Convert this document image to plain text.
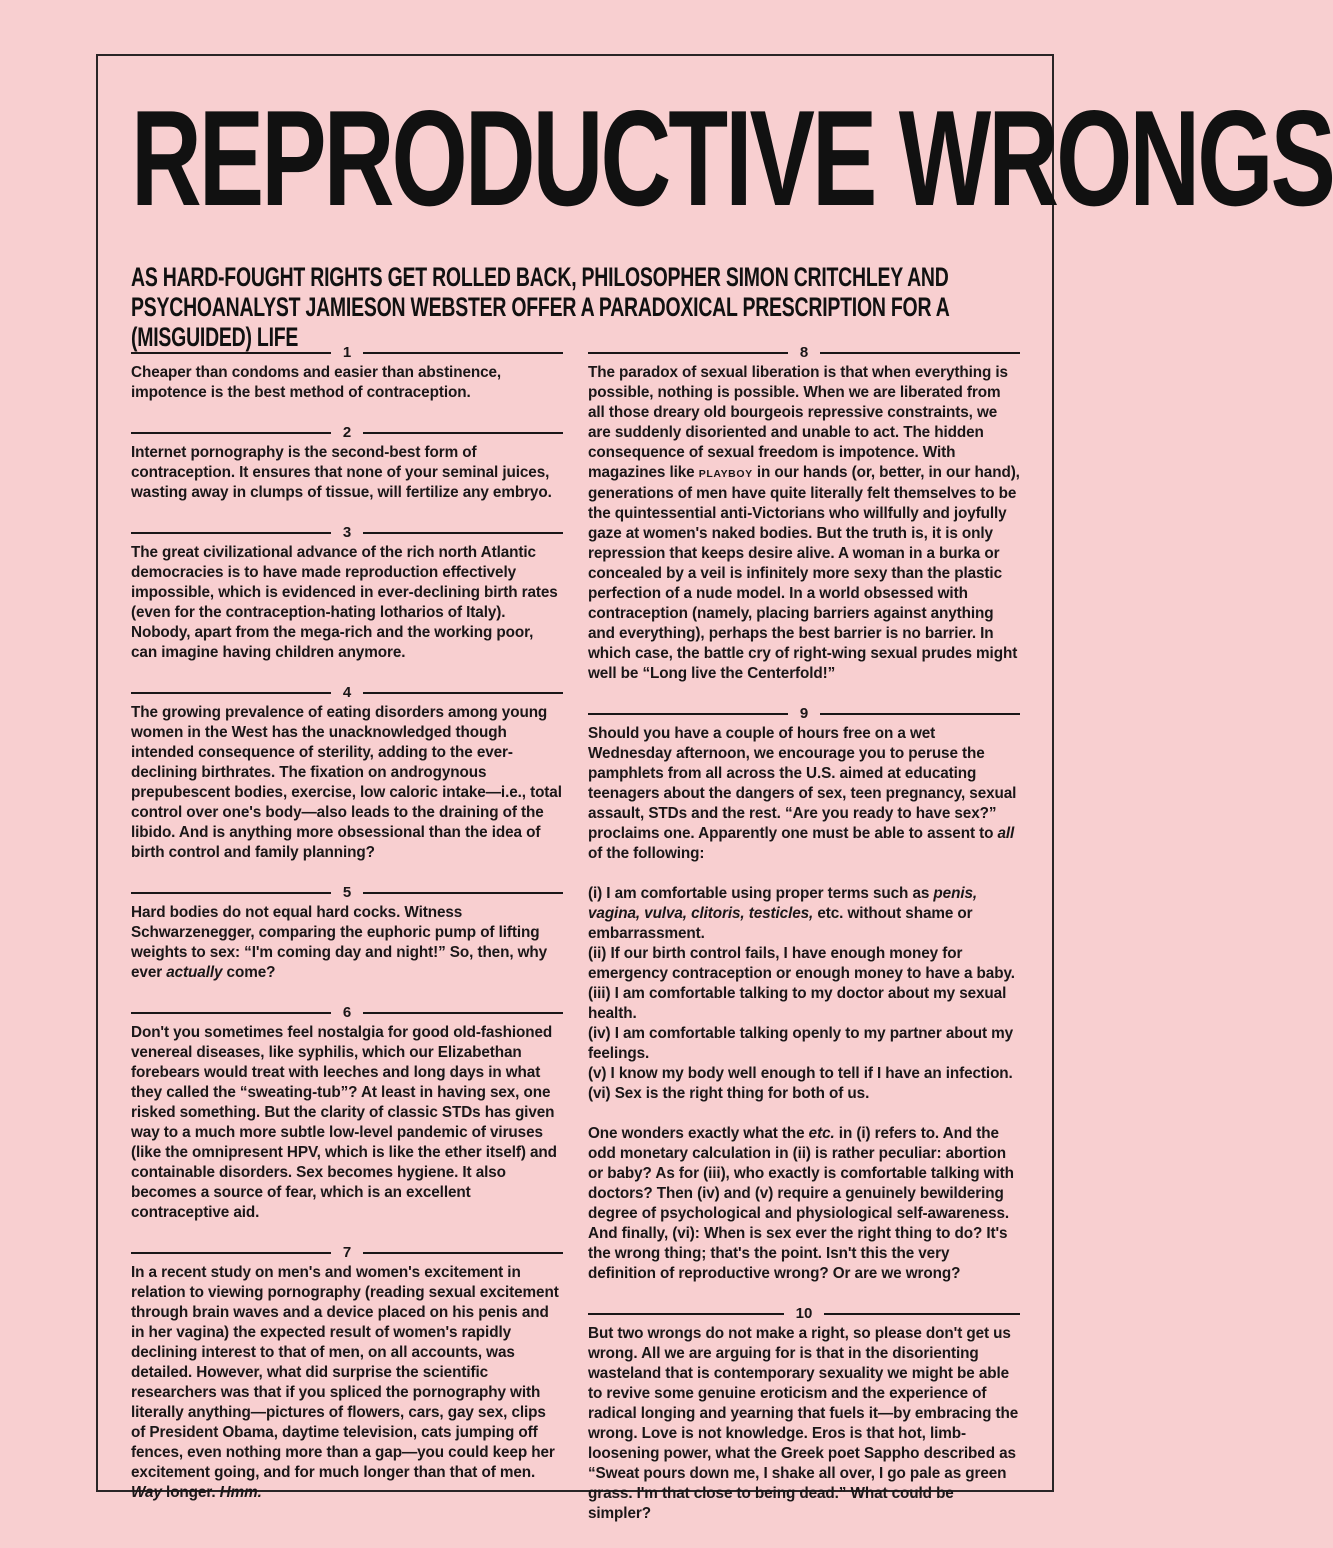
REPRODUCTIVE WRONGS
AS HARD-FOUGHT RIGHTS GET ROLLED BACK, PHILOSOPHER SIMON CRITCHLEY AND PSYCHOANALYST JAMIESON WEBSTER OFFER A PARADOXICAL PRESCRIPTION FOR A (MISGUIDED) LIFE
1

Cheaper than condoms and easier than abstinence, impotence is the best method of contraception.

2

Internet pornography is the second-best form of contraception. It ensures that none of your seminal juices, wasting away in clumps of tissue, will fertilize any embryo.

3

The great civilizational advance of the rich north Atlantic democracies is to have made reproduction effectively impossible, which is evidenced in ever-declining birth rates (even for the contraception-hating lotharios of Italy). Nobody, apart from the mega-rich and the working poor, can imagine having children anymore.

4

The growing prevalence of eating disorders among young women in the West has the unacknowledged though intended consequence of sterility, adding to the ever-declining birthrates. The fixation on androgynous prepubescent bodies, exercise, low caloric intake—i.e., total control over one's body—also leads to the draining of the libido. And is anything more obsessional than the idea of birth control and family planning?

5

Hard bodies do not equal hard cocks. Witness Schwarzenegger, comparing the euphoric pump of lifting weights to sex: “I'm coming day and night!” So, then, why ever actually come?

6

Don't you sometimes feel nostalgia for good old-fashioned venereal diseases, like syphilis, which our Elizabethan forebears would treat with leeches and long days in what they called the “sweating-tub”? At least in having sex, one risked something. But the clarity of classic STDs has given way to a much more subtle low-level pandemic of viruses (like the omnipresent HPV, which is like the ether itself) and containable disorders. Sex becomes hygiene. It also becomes a source of fear, which is an excellent contraceptive aid.

7

In a recent study on men's and women's excitement in relation to viewing pornography (reading sexual excitement through brain waves and a device placed on his penis and in her vagina) the expected result of women's rapidly declining interest to that of men, on all accounts, was detailed. However, what did surprise the scientific researchers was that if you spliced the pornography with literally anything—pictures of flowers, cars, gay sex, clips of President Obama, daytime television, cats jumping off fences, even nothing more than a gap—you could keep her excitement going, and for much longer than that of men. Way longer. Hmm.

8

The paradox of sexual liberation is that when everything is possible, nothing is possible. When we are liberated from all those dreary old bourgeois repressive constraints, we are suddenly disoriented and unable to act. The hidden consequence of sexual freedom is impotence. With magazines like PLAYBOY in our hands (or, better, in our hand), generations of men have quite literally felt themselves to be the quintessential anti-Victorians who willfully and joyfully gaze at women's naked bodies. But the truth is, it is only repression that keeps desire alive. A woman in a burka or concealed by a veil is infinitely more sexy than the plastic perfection of a nude model. In a world obsessed with contraception (namely, placing barriers against anything and everything), perhaps the best barrier is no barrier. In which case, the battle cry of right-wing sexual prudes might well be “Long live the Centerfold!”

9

Should you have a couple of hours free on a wet Wednesday afternoon, we encourage you to peruse the pamphlets from all across the U.S. aimed at educating teenagers about the dangers of sex, teen pregnancy, sexual assault, STDs and the rest. “Are you ready to have sex?” proclaims one. Apparently one must be able to assent to all of the following:

(i) I am comfortable using proper terms such as penis, vagina, vulva, clitoris, testicles, etc. without shame or embarrassment.

(ii) If our birth control fails, I have enough money for emergency contraception or enough money to have a baby.

(iii) I am comfortable talking to my doctor about my sexual health.

(iv) I am comfortable talking openly to my partner about my feelings.

(v) I know my body well enough to tell if I have an infection.

(vi) Sex is the right thing for both of us.

One wonders exactly what the etc. in (i) refers to. And the odd monetary calculation in (ii) is rather peculiar: abortion or baby? As for (iii), who exactly is comfortable talking with doctors? Then (iv) and (v) require a genuinely bewildering degree of psychological and physiological self-awareness. And finally, (vi): When is sex ever the right thing to do? It's the wrong thing; that's the point. Isn't this the very definition of reproductive wrong? Or are we wrong?

10

But two wrongs do not make a right, so please don't get us wrong. All we are arguing for is that in the disorienting wasteland that is contemporary sexuality we might be able to revive some genuine eroticism and the experience of radical longing and yearning that fuels it—by embracing the wrong. Love is not knowledge. Eros is that hot, limb-loosening power, what the Greek poet Sappho described as “Sweat pours down me, I shake all over, I go pale as green grass. I'm that close to being dead.” What could be simpler?
